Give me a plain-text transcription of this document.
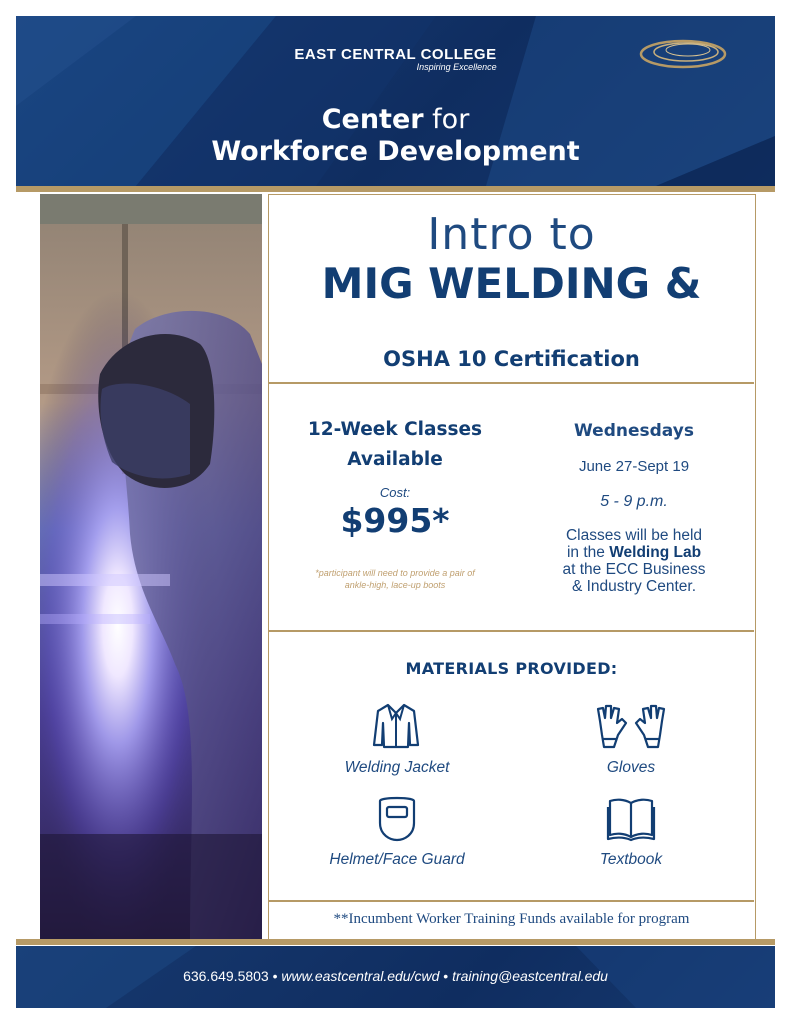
EAST CENTRAL COLLEGE
Inspiring Excellence
Center for
Workforce Development
Intro to
MIG WELDING &
OSHA 10 Certification
12-Week Classes
Available
Cost:
$995*
*participant will need to provide a pair of
ankle-high, lace-up boots
Wednesdays
June 27-Sept 19
5 - 9 p.m.
Classes will be held
in the Welding Lab
at the ECC Business
& Industry Center.
MATERIALS PROVIDED:
Welding Jacket	Gloves
Helmet/Face Guard	Textbook
**Incumbent Worker Training Funds available for program
636.649.5803 • www.eastcentral.edu/cwd • training@eastcentral.edu
